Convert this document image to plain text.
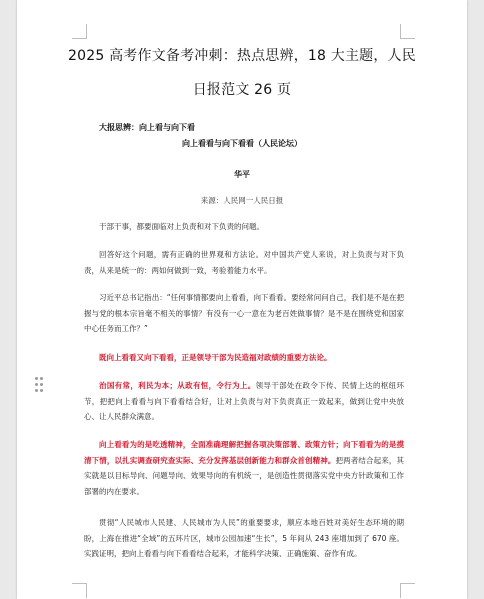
2025 高考作文备考冲刺：热点思辨，18 大主题，人民
日报范文 26 页
大报思辨：向上看与向下看
向上看看与向下看看（人民论坛）
华平
来源：人民网一人民日报
干部干事，都要面临对上负责和对下负责的问题。
回答好这个问题，需有正确的世界观和方法论。对中国共产党人来说，对上负责与对下负责，从来是统一的：两如何做到一致，考验着能力水平。
习近平总书记指出：“任何事情都要向上看看，向下看看。要经常问问自己，我们是不是在把握与党的根本宗旨毫不相关的事情？有没有一心一意在为老百姓做事情？是不是在围绕党和国家中心任务而工作？”
既向上看看又向下看看，正是领导干部为民造福对政绩的重要方法论。
治国有常，利民为本；从政有恒，令行为上。领导干部处在政令下传、民情上达的枢纽环节，把把向上看看与向下看看结合好，让对上负责与对下负责真正一致起来，做到让党中央放心、让人民群众满意。
向上看看为的是吃透精神，全面准确理解把握各项决策部署、政策方针；向下看看为的是摸清下情，以扎实调查研究查实际、充分发挥基层创新能力和群众首创精神。把两者结合起来，其实就是以目标导向、问题导向、效果导向的有机统一，是创造性贯彻落实党中央方针政策和工作部署的内在要求。
贯彻“人民城市人民建、人民城市为人民”的重要要求，顺应本地百姓对美好生态环境的期盼，上海在推进“全域”的五环片区，城市公园加速“生长”，5 年间从 243 座增加到了 670 座。实践证明，把向上看看与向下看看结合起来，才能科学决策、正确施策、奋作有成。
